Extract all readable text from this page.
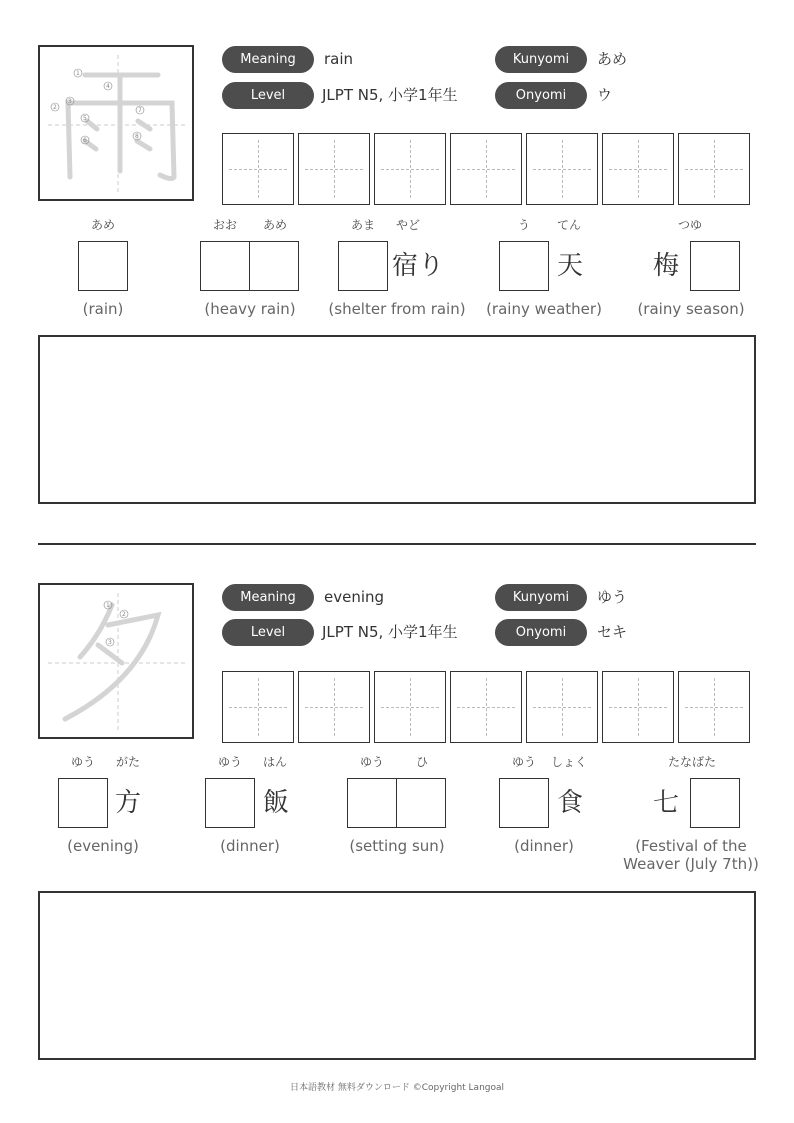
1
2
3
4
5
6
7
8
Meaning	rain
Level	JLPT N5, 小学1年生
Kunyomi	あめ
Onyomi	ウ
あめ
(rain)
おお	あめ
(heavy rain)
あま	やど
宿り
(shelter from rain)
う	てん
天
(rainy weather)
つゆ
梅
(rainy season)
1
2
3
Meaning	evening
Level	JLPT N5, 小学1年生
Kunyomi	ゆう
Onyomi	セキ
ゆう	がた
方
(evening)
ゆう	はん
飯
(dinner)
ゆう	ひ
(setting sun)
ゆう	しょく
食
(dinner)
たなばた
七
(Festival of the Weaver (July 7th))
日本語教材 無料ダウンロード ©Copyright Langoal
